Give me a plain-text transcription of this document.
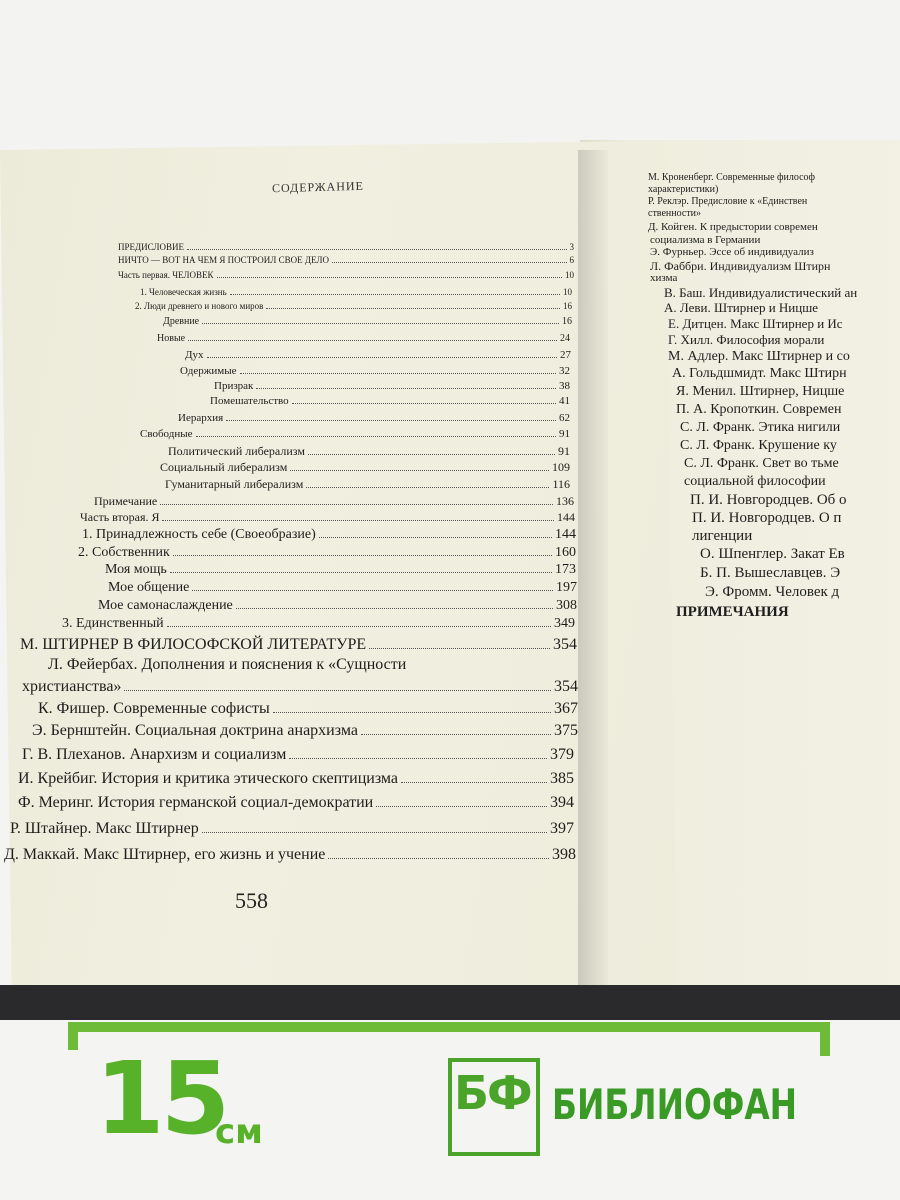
СОДЕРЖАНИЕ
ПРЕДИСЛОВИЕ	3
НИЧТО — ВОТ НА ЧЕМ Я ПОСТРОИЛ СВОЕ ДЕЛО	6
Часть первая. ЧЕЛОВЕК	10
1. Человеческая жизнь	10
2. Люди древнего и нового миров	16
Древние	16
Новые	24
Дух	27
Одержимые	32
Призрак	38
Помешательство	41
Иерархия	62
Свободные	91
Политический либерализм	91
Социальный либерализм	109
Гуманитарный либерализм	116
Примечание	136
Часть вторая. Я	144
1. Принадлежность себе (Своеобразие)	144
2. Собственник	160
Моя мощь	173
Мое общение	197
Мое самонаслаждение	308
3. Единственный	349
М. ШТИРНЕР В ФИЛОСОФСКОЙ ЛИТЕРАТУРЕ	354
Л. Фейербах. Дополнения и пояснения к «Сущности
христианства»	354
К. Фишер. Современные софисты	367
Э. Бернштейн. Социальная доктрина анархизма	375
Г. В. Плеханов. Анархизм и социализм	379
И. Крейбиг. История и критика этического скептицизма	385
Ф. Меринг. История германской социал-демократии	394
Р. Штайнер. Макс Штирнер	397
Д. Маккай. Макс Штирнер, его жизнь и учение	398
М. Кроненберг. Современные философ
характеристики)
Р. Реклэр. Предисловие к «Единствен
ственности»
Д. Койген. К предыстории современ
социализма в Германии
Э. Фурньер. Эссе об индивидуализ
Л. Фаббри. Индивидуализм Штирн
хизма
В. Баш. Индивидуалистический ан
А. Леви. Штирнер и Ницше
Е. Дитцен. Макс Штирнер и Ис
Г. Хилл. Философия морали
М. Адлер. Макс Штирнер и со
А. Гольдшмидт. Макс Штирн
Я. Менил. Штирнер, Ницше
П. А. Кропоткин. Современ
С. Л. Франк. Этика нигили
С. Л. Франк. Крушение ку
С. Л. Франк. Свет во тьме
социальной философии
П. И. Новгородцев. Об о
П. И. Новгородцев. О п
лигенции
О. Шпенглер. Закат Ев
Б. П. Вышеславцев. Э
Э. Фромм. Человек д
ПРИМЕЧАНИЯ
558
15
см
БФ БИБЛИОФАН
